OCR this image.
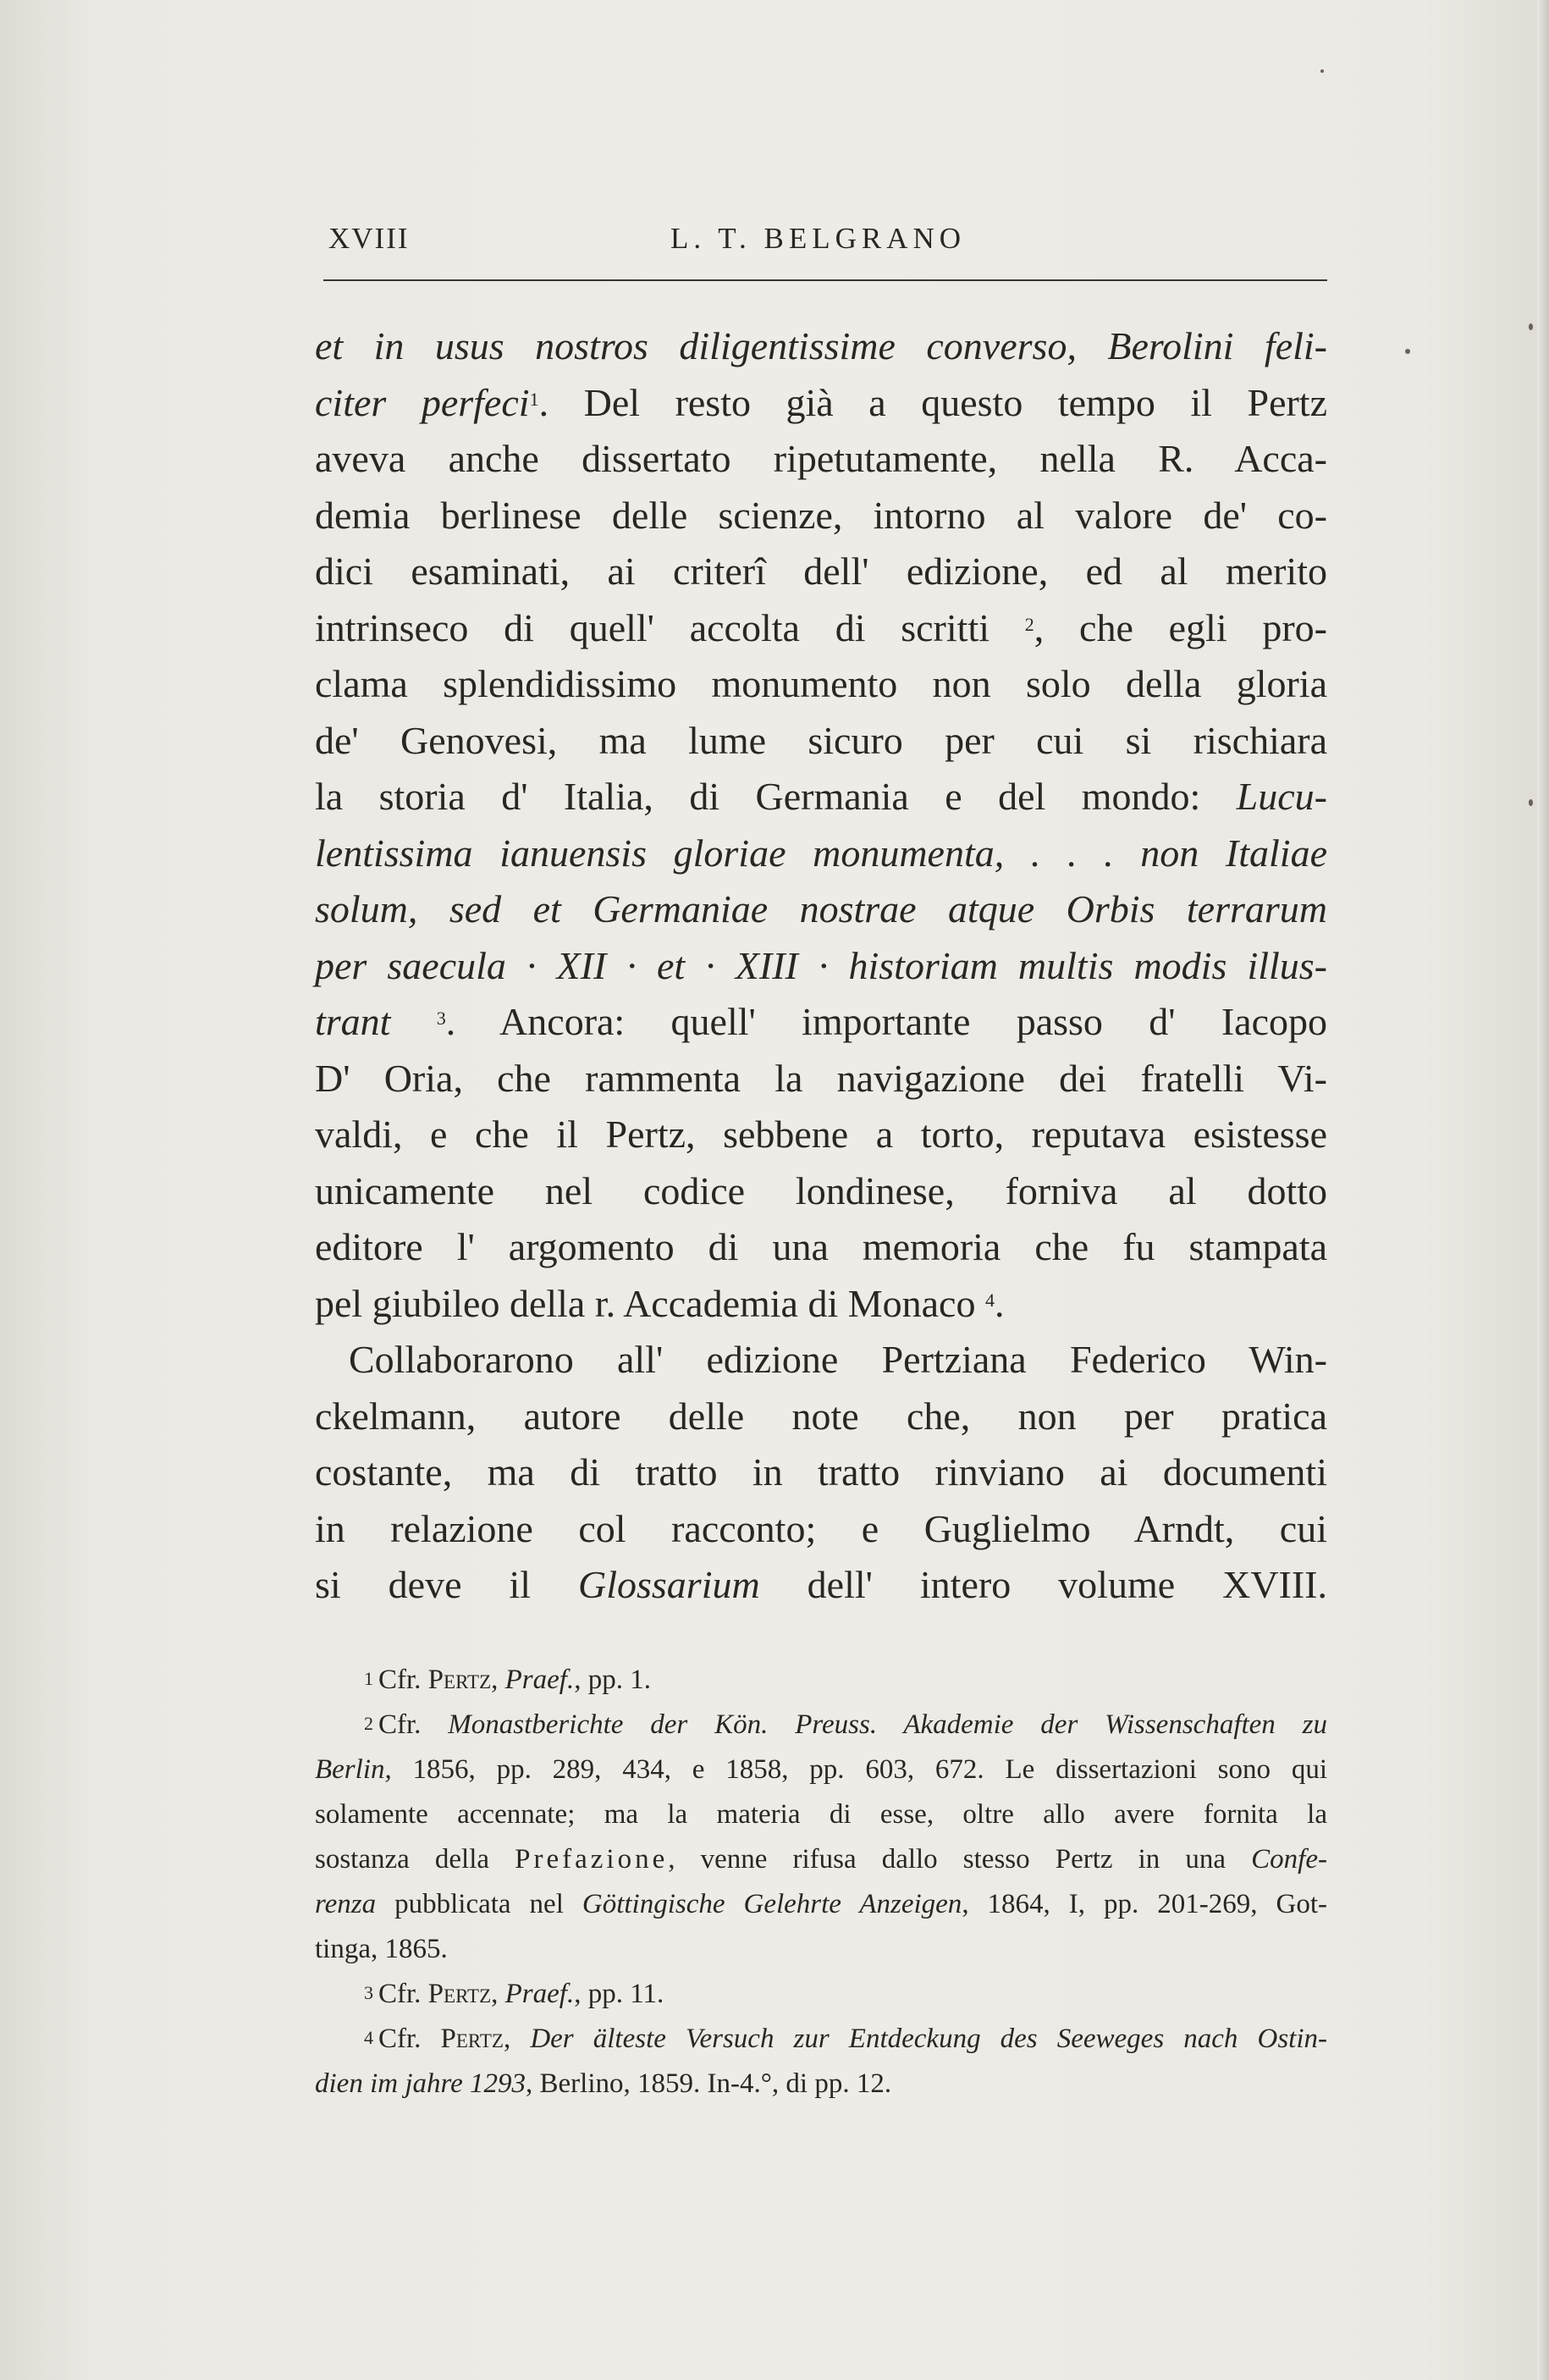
XVIII	L. T. BELGRANO
et in usus nostros diligentissime converso, Berolini feli-
citer perfeci$^1$. Del resto già a questo tempo il Pertz
aveva anche dissertato ripetutamente, nella R. Acca-
demia berlinese delle scienze, intorno al valore de' co-
dici esaminati, ai criterî dell' edizione, ed al merito
intrinseco di quell' accolta di scritti $^2$, che egli pro-
clama splendidissimo monumento non solo della gloria
de' Genovesi, ma lume sicuro per cui si rischiara
la storia d' Italia, di Germania e del mondo: Lucu-
lentissima ianuensis gloriae monumenta, . . . non Italiae
solum, sed et Germaniae nostrae atque Orbis terrarum
per saecula · XII · et · XIII · historiam multis modis illus-
trant $^3$. Ancora: quell' importante passo d' Iacopo
D' Oria, che rammenta la navigazione dei fratelli Vi-
valdi, e che il Pertz, sebbene a torto, reputava esistesse
unicamente nel codice londinese, forniva al dotto
editore l' argomento di una memoria che fu stampata
pel giubileo della r. Accademia di Monaco $^4$.
Collaborarono all' edizione Pertziana Federico Win-
ckelmann, autore delle note che, non per pratica
costante, ma di tratto in tratto rinviano ai documenti
in relazione col racconto; e Guglielmo Arndt, cui
si deve il Glossarium dell' intero volume XVIII.
$^1$ Cfr. Pertz, Praef., pp. 1.
$^2$ Cfr. Monastberichte der Kön. Preuss. Akademie der Wissenschaften zu
Berlin, 1856, pp. 289, 434, e 1858, pp. 603, 672. Le dissertazioni sono qui
solamente accennate; ma la materia di esse, oltre allo avere fornita la
sostanza della Prefazione, venne rifusa dallo stesso Pertz in una Confe-
renza pubblicata nel Göttingische Gelehrte Anzeigen, 1864, I, pp. 201-269, Got-
tinga, 1865.
$^3$ Cfr. Pertz, Praef., pp. 11.
$^4$ Cfr. Pertz, Der älteste Versuch zur Entdeckung des Seeweges nach Ostin-
dien im jahre 1293, Berlino, 1859. In-4.°, di pp. 12.
